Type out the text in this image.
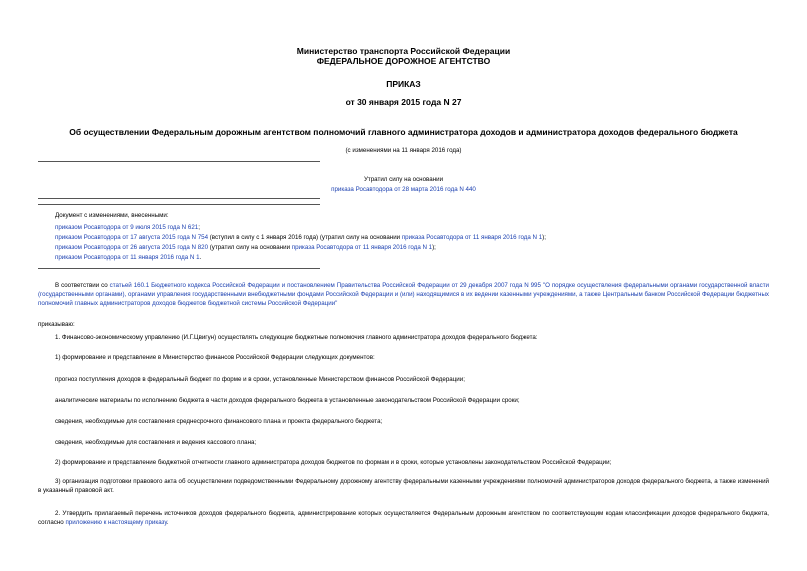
Министерство транспорта Российской Федерации
ФЕДЕРАЛЬНОЕ ДОРОЖНОЕ АГЕНТСТВО
ПРИКАЗ
от 30 января 2015 года N 27
Об осуществлении Федеральным дорожным агентством полномочий главного администратора доходов и администратора доходов федерального бюджета
(с изменениями на 11 января 2016 года)
Утратил силу на основании
приказа Росавтодора от 28 марта 2016 года N 440
Документ с изменениями, внесенными:
приказом Росавтодора от 9 июля 2015 года N 621;
приказом Росавтодора от 17 августа 2015 года N 754 (вступил в силу с 1 января 2016 года) (утратил силу на основании приказа Росавтодора от 11 января 2016 года N 1);
приказом Росавтодора от 26 августа 2015 года N 820 (утратил силу на основании приказа Росавтодора от 11 января 2016 года N 1);
приказом Росавтодора от 11 января 2016 года N 1.
В соответствии со статьей 160.1 Бюджетного кодекса Российской Федерации и постановлением Правительства Российской Федерации от 29 декабря 2007 года N 995 "О порядке осуществления федеральными органами государственной власти (государственными органами), органами управления государственными внебюджетными фондами Российской Федерации и (или) находящимися в их ведении казенными учреждениями, а также Центральным банком Российской Федерации бюджетных полномочий главных администраторов доходов бюджетов бюджетной системы Российской Федерации"
приказываю:
1. Финансово-экономическому управлению (И.Г.Цвигун) осуществлять следующие бюджетные полномочия главного администратора доходов федерального бюджета:
1) формирование и представление в Министерство финансов Российской Федерации следующих документов:
прогноз поступления доходов в федеральный бюджет по форме и в сроки, установленные Министерством финансов Российской Федерации;
аналитические материалы по исполнению бюджета в части доходов федерального бюджета в установленные законодательством Российской Федерации сроки;
сведения, необходимые для составления среднесрочного финансового плана и проекта федерального бюджета;
сведения, необходимые для составления и ведения кассового плана;
2) формирование и представление бюджетной отчетности главного администратора доходов бюджетов по формам и в сроки, которые установлены законодательством Российской Федерации;
3) организация подготовки правового акта об осуществлении подведомственными Федеральному дорожному агентству федеральными казенными учреждениями полномочий администраторов доходов федерального бюджета, а также изменений в указанный правовой акт.
2. Утвердить прилагаемый перечень источников доходов федерального бюджета, администрирование которых осуществляется Федеральным дорожным агентством по соответствующим кодам классификации доходов федерального бюджета, согласно приложению к настоящему приказу.
